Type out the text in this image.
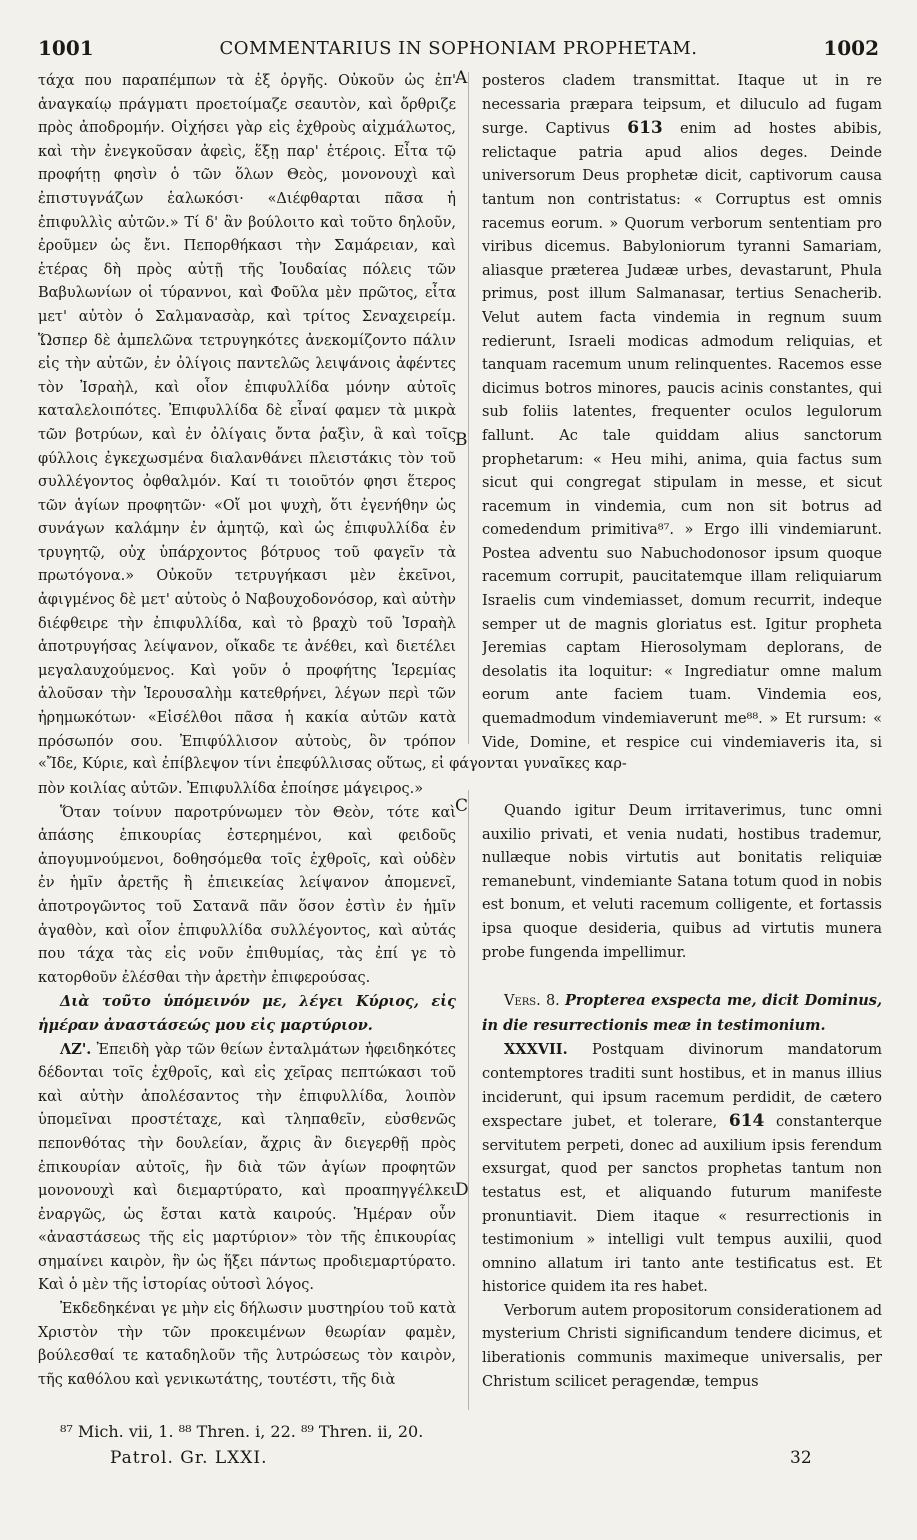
1001	COMMENTARIUS IN SOPHONIAM PROPHETAM.	1002
A
B
C
D

τάχα που παραπέμπων τὰ ἐξ ὀργῆς. Οὐκοῦν ὡς ἐπ' ἀναγκαίῳ πράγματι προετοίμαζε σεαυτὸν, καὶ ὄρθριζε πρὸς ἀποδρομήν. Οἰχήσει γὰρ εἰς ἐχθροὺς αἰχμάλωτος, καὶ τὴν ἐνεγκοῦσαν ἀφεὶς, ἕξῃ παρ' ἑτέροις. Εἶτα τῷ προφήτῃ φησὶν ὁ τῶν ὅλων Θεὸς, μονονουχὶ καὶ ἐπιστυγνάζων ἑαλωκόσι· «Διέφθαρται πᾶσα ἡ ἐπιφυλλὶς αὐτῶν.» Τί δ' ἂν βούλοιτο καὶ τοῦτο δηλοῦν, ἐροῦμεν ὡς ἔνι. Πεπορθήκασι τὴν Σαμάρειαν, καὶ ἑτέρας δὴ πρὸς αὐτῇ τῆς Ἰουδαίας πόλεις τῶν Βαβυλωνίων οἱ τύραννοι, καὶ Φοῦλα μὲν πρῶτος, εἶτα μετ' αὐτὸν ὁ Σαλμανασὰρ, καὶ τρίτος Σεναχειρείμ. Ὥσπερ δὲ ἀμπελῶνα τετρυγηκότες ἀνεκομίζοντο πάλιν εἰς τὴν αὐτῶν, ἐν ὀλίγοις παντελῶς λειψάνοις ἀφέντες τὸν Ἰσραὴλ, καὶ οἷον ἐπιφυλλίδα μόνην αὐτοῖς καταλελοιπότες. Ἐπιφυλλίδα δὲ εἶναί φαμεν τὰ μικρὰ τῶν βοτρύων, καὶ ἐν ὀλίγαις ὄντα ῥαξὶν, ἃ καὶ τοῖς φύλλοις ἐγκεχωσμένα διαλανθάνει πλειστάκις τὸν τοῦ συλλέγοντος ὀφθαλμόν. Καί τι τοιοῦτόν φησι ἕτερος τῶν ἁγίων προφητῶν· «Οἴ μοι ψυχὴ, ὅτι ἐγενήθην ὡς συνάγων καλάμην ἐν ἀμητῷ, καὶ ὡς ἐπιφυλλίδα ἐν τρυγητῷ, οὐχ ὑπάρχοντος βότρυος τοῦ φαγεῖν τὰ πρωτόγονα.» Οὐκοῦν τετρυγήκασι μὲν ἐκεῖνοι, ἀφιγμένος δὲ μετ' αὐτοὺς ὁ Ναβουχοδονόσορ, καὶ αὐτὴν διέφθειρε τὴν ἐπιφυλλίδα, καὶ τὸ βραχὺ τοῦ Ἰσραὴλ ἀποτρυγήσας λείψανον, οἴκαδε τε ἀνέθει, καὶ διετέλει μεγαλαυχούμενος. Καὶ γοῦν ὁ προφήτης Ἱερεμίας ἁλοῦσαν τὴν Ἱερουσαλὴμ κατεθρήνει, λέγων περὶ τῶν ἠρημωκότων· «Εἰσέλθοι πᾶσα ἡ κακία αὐτῶν κατὰ πρόσωπόν σου. Ἐπιφύλλισον αὐτοὺς, ὃν τρόπον

posteros cladem transmittat. Itaque ut in re necessaria præpara teipsum, et diluculo ad fugam surge. Captivus 613 enim ad hostes abibis, relictaque patria apud alios deges. Deinde universorum Deus prophetæ dicit, captivorum causa tantum non contristatus: « Corruptus est omnis racemus eorum. » Quorum verborum sententiam pro viribus dicemus. Babyloniorum tyranni Samariam, aliasque præterea Judææ urbes, devastarunt, Phula primus, post illum Salmanasar, tertius Senacherib. Velut autem facta vindemia in regnum suum redierunt, Israeli modicas admodum reliquias, et tanquam racemum unum relinquentes. Racemos esse dicimus botros minores, paucis acinis constantes, qui sub foliis latentes, frequenter oculos legulorum fallunt. Ac tale quiddam alius sanctorum prophetarum: « Heu mihi, anima, quia factus sum sicut qui congregat stipulam in messe, et sicut racemum in vindemia, cum non sit botrus ad comedendum primitiva⁸⁷. » Ergo illi vindemiarunt. Postea adventu suo Nabuchodonosor ipsum quoque racemum corrupit, paucitatemque illam reliquiarum Israelis cum vindemiasset, domum recurrit, indeque semper ut de magnis gloriatus est. Igitur propheta Jeremias captam Hierosolymam deplorans, de desolatis ita loquitur: « Ingrediatur omne malum eorum ante faciem tuam. Vindemia eos, quemadmodum vindemiaverunt me⁸⁸. » Et rursum: « Vide, Domine, et respice cui vindemiaveris ita, si

«Ἴδε, Κύριε, καὶ ἐπίβλεψον τίνι ἐπεφύλλισας οὕτως, εἰ φάγονται γυναῖκες καρ-

πὸν κοιλίας αὐτῶν. Ἐπιφυλλίδα ἐποίησε μάγειρος.»

Ὅταν τοίνυν παροτρύνωμεν τὸν Θεὸν, τότε καὶ ἁπάσης ἐπικουρίας ἐστερημένοι, καὶ φειδοῦς ἀπογυμνούμενοι, δοθησόμεθα τοῖς ἐχθροῖς, καὶ οὐδὲν ἐν ἡμῖν ἀρετῆς ἢ ἐπιεικείας λείψανον ἀπομενεῖ, ἀποτρογῶντος τοῦ Σατανᾶ πᾶν ὅσον ἐστὶν ἐν ἡμῖν ἀγαθὸν, καὶ οἷον ἐπιφυλλίδα συλλέγοντος, καὶ αὐτάς που τάχα τὰς εἰς νοῦν ἐπιθυμίας, τὰς ἐπί γε τὸ κατορθοῦν ἐλέσθαι τὴν ἀρετὴν ἐπιφερούσας.

Διὰ τοῦτο ὑπόμεινόν με, λέγει Κύριος, εἰς ἡμέραν ἀναστάσεώς μου εἰς μαρτύριον.

ΛΖ'. Ἐπειδὴ γὰρ τῶν θείων ἐνταλμάτων ἠφειδηκότες δέδονται τοῖς ἐχθροῖς, καὶ εἰς χεῖρας πεπτώκασι τοῦ καὶ αὐτὴν ἀπολέσαντος τὴν ἐπιφυλλίδα, λοιπὸν ὑπομεῖναι προστέταχε, καὶ τληπαθεῖν, εὐσθενῶς πεπονθότας τὴν δουλείαν, ἄχρις ἂν διεγερθῇ πρὸς ἐπικουρίαν αὐτοῖς, ἣν διὰ τῶν ἁγίων προφητῶν μονονουχὶ καὶ διεμαρτύρατο, καὶ προαπηγγέλκει ἐναργῶς, ὡς ἔσται κατὰ καιρούς. Ἡμέραν οὖν «ἀναστάσεως τῆς εἰς μαρτύριον» τὸν τῆς ἐπικουρίας σημαίνει καιρὸν, ἣν ὡς ἥξει πάντως προδιεμαρτύρατο. Καὶ ὁ μὲν τῆς ἱστορίας οὑτοσὶ λόγος.

Ἐκδεδηκέναι γε μὴν εἰς δήλωσιν μυστηρίου τοῦ κατὰ Χριστὸν τὴν τῶν προκειμένων θεωρίαν φαμὲν, βούλεσθαί τε καταδηλοῦν τῆς λυτρώσεως τὸν καιρὸν, τῆς καθόλου καὶ γενικωτάτης, τουτέστι, τῆς διὰ

Quando igitur Deum irritaverimus, tunc omni auxilio privati, et venia nudati, hostibus trademur, nullæque nobis virtutis aut bonitatis reliquiæ remanebunt, vindemiante Satana totum quod in nobis est bonum, et veluti racemum colligente, et fortassis ipsa quoque desideria, quibus ad virtutis munera probe fungenda impellimur.

Vers. 8. Propterea exspecta me, dicit Dominus, in die resurrectionis meæ in testimonium.

XXXVII. Postquam divinorum mandatorum contemptores traditi sunt hostibus, et in manus illius inciderunt, qui ipsum racemum perdidit, de cætero exspectare jubet, et tolerare, 614 constanterque servitutem perpeti, donec ad auxilium ipsis ferendum exsurgat, quod per sanctos prophetas tantum non testatus est, et aliquando futurum manifeste pronuntiavit. Diem itaque « resurrectionis in testimonium » intelligi vult tempus auxilii, quod omnino allatum iri tanto ante testificatus est. Et historice quidem ita res habet.

Verborum autem propositorum considerationem ad mysterium Christi significandum tendere dicimus, et liberationis communis maximeque universalis, per Christum scilicet peragendæ, tempus

⁸⁷ Mich. vii, 1. ⁸⁸ Thren. i, 22. ⁸⁹ Thren. ii, 20.
Patrol. Gr. LXXI.	32
